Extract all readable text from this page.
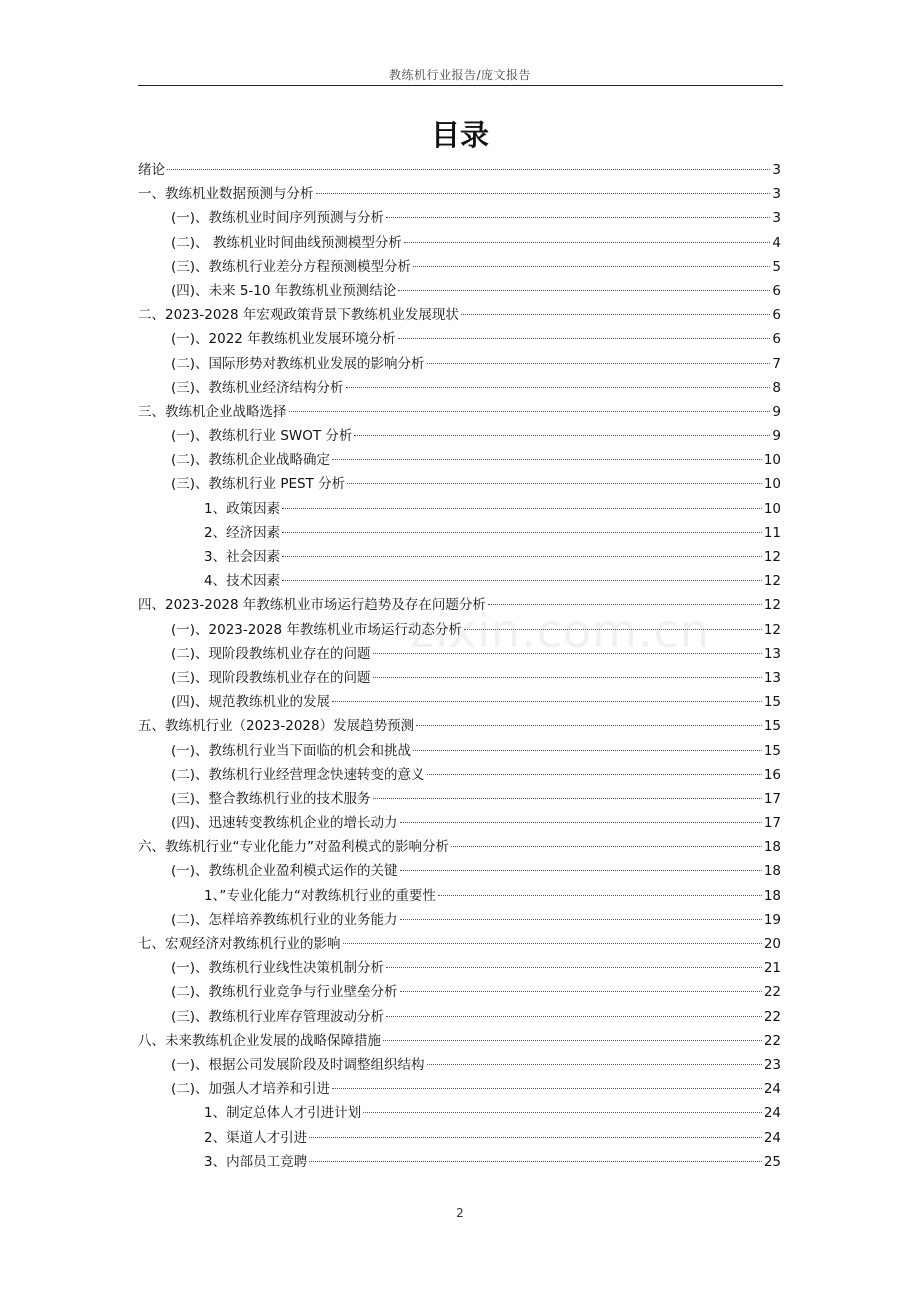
教练机行业报告/庞文报告
目录
zixin.com.cn
绪论	3
一、教练机业数据预测与分析	3
(一)、教练机业时间序列预测与分析	3
(二)、 教练机业时间曲线预测模型分析	4
(三)、教练机行业差分方程预测模型分析	5
(四)、未来 5-10 年教练机业预测结论	6
二、2023-2028 年宏观政策背景下教练机业发展现状	6
(一)、2022 年教练机业发展环境分析	6
(二)、国际形势对教练机业发展的影响分析	7
(三)、教练机业经济结构分析	8
三、教练机企业战略选择	9
(一)、教练机行业 SWOT 分析	9
(二)、教练机企业战略确定	10
(三)、教练机行业 PEST 分析	10
1、政策因素	10
2、经济因素	11
3、社会因素	12
4、技术因素	12
四、2023-2028 年教练机业市场运行趋势及存在问题分析	12
(一)、2023-2028 年教练机业市场运行动态分析	12
(二)、现阶段教练机业存在的问题	13
(三)、现阶段教练机业存在的问题	13
(四)、规范教练机业的发展	15
五、教练机行业（2023-2028）发展趋势预测	15
(一)、教练机行业当下面临的机会和挑战	15
(二)、教练机行业经营理念快速转变的意义	16
(三)、整合教练机行业的技术服务	17
(四)、迅速转变教练机企业的增长动力	17
六、教练机行业“专业化能力”对盈利模式的影响分析	18
(一)、教练机企业盈利模式运作的关键	18
1、”专业化能力“对教练机行业的重要性	18
(二)、怎样培养教练机行业的业务能力	19
七、宏观经济对教练机行业的影响	20
(一)、教练机行业线性决策机制分析	21
(二)、教练机行业竞争与行业壁垒分析	22
(三)、教练机行业库存管理波动分析	22
八、未来教练机企业发展的战略保障措施	22
(一)、根据公司发展阶段及时调整组织结构	23
(二)、加强人才培养和引进	24
1、制定总体人才引进计划	24
2、渠道人才引进	24
3、内部员工竞聘	25
2
